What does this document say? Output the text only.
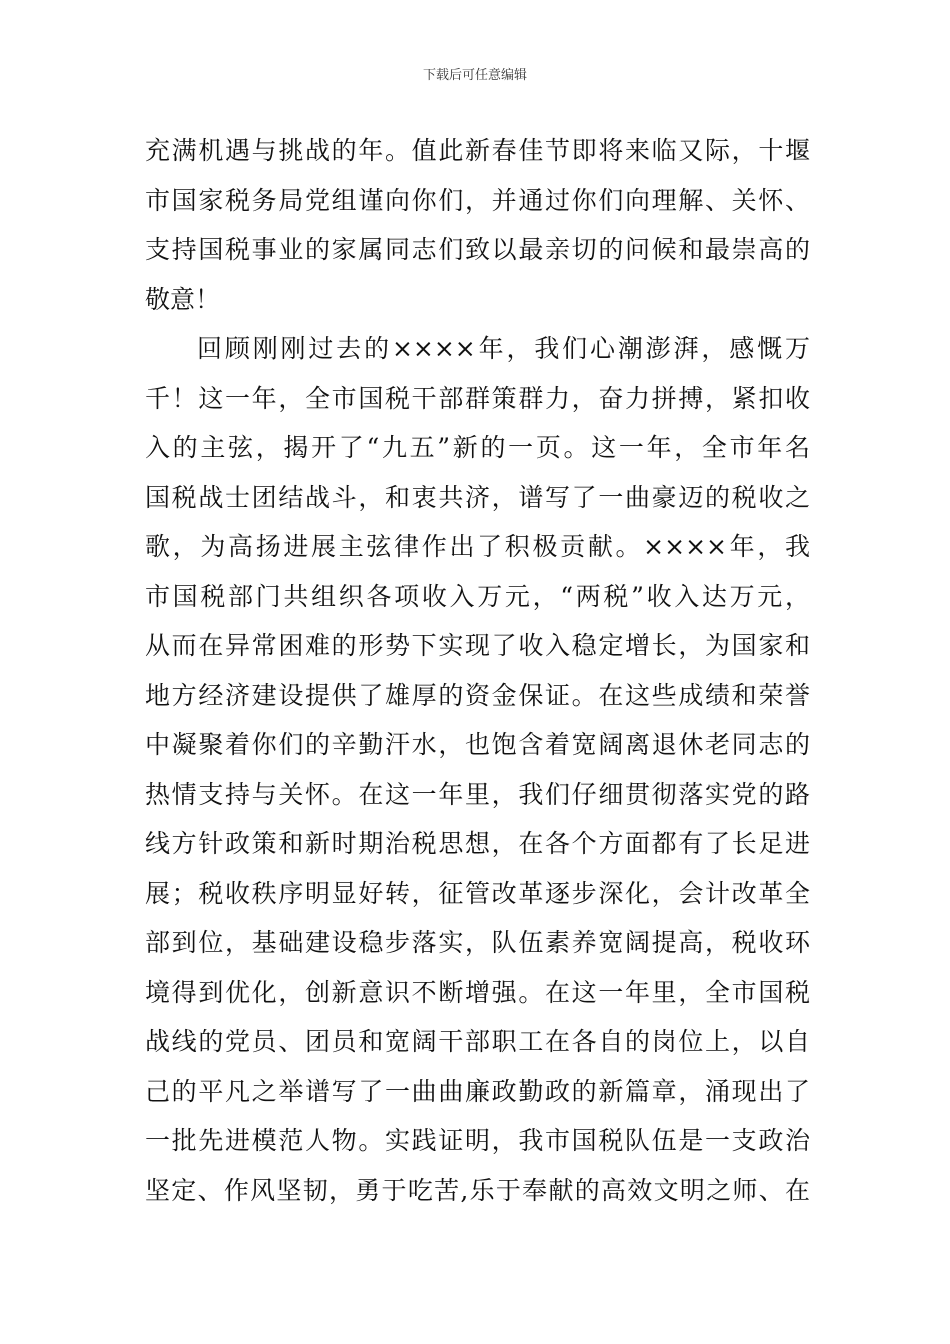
下载后可任意编辑
充满机遇与挑战的年。值此新春佳节即将来临又际，十堰
市国家税务局党组谨向你们，并通过你们向理解、关怀、
支持国税事业的家属同志们致以最亲切的问候和最崇高的
敬意！
回顾刚刚过去的××××年，我们心潮澎湃，感慨万
千！这一年，全市国税干部群策群力，奋力拼搏，紧扣收
入的主弦，揭开了“九五”新的一页。这一年，全市年名
国税战士团结战斗，和衷共济，谱写了一曲豪迈的税收之
歌，为高扬进展主弦律作出了积极贡献。××××年，我
市国税部门共组织各项收入万元，“两税”收入达万元，
从而在异常困难的形势下实现了收入稳定增长，为国家和
地方经济建设提供了雄厚的资金保证。在这些成绩和荣誉
中凝聚着你们的辛勤汗水，也饱含着宽阔离退休老同志的
热情支持与关怀。在这一年里，我们仔细贯彻落实党的路
线方针政策和新时期治税思想，在各个方面都有了长足进
展；税收秩序明显好转，征管改革逐步深化，会计改革全
部到位，基础建设稳步落实，队伍素养宽阔提高，税收环
境得到优化，创新意识不断增强。在这一年里，全市国税
战线的党员、团员和宽阔干部职工在各自的岗位上，以自
己的平凡之举谱写了一曲曲廉政勤政的新篇章，涌现出了
一批先进模范人物。实践证明，我市国税队伍是一支政治
坚定、作风坚韧，勇于吃苦,乐于奉献的高效文明之师、在
